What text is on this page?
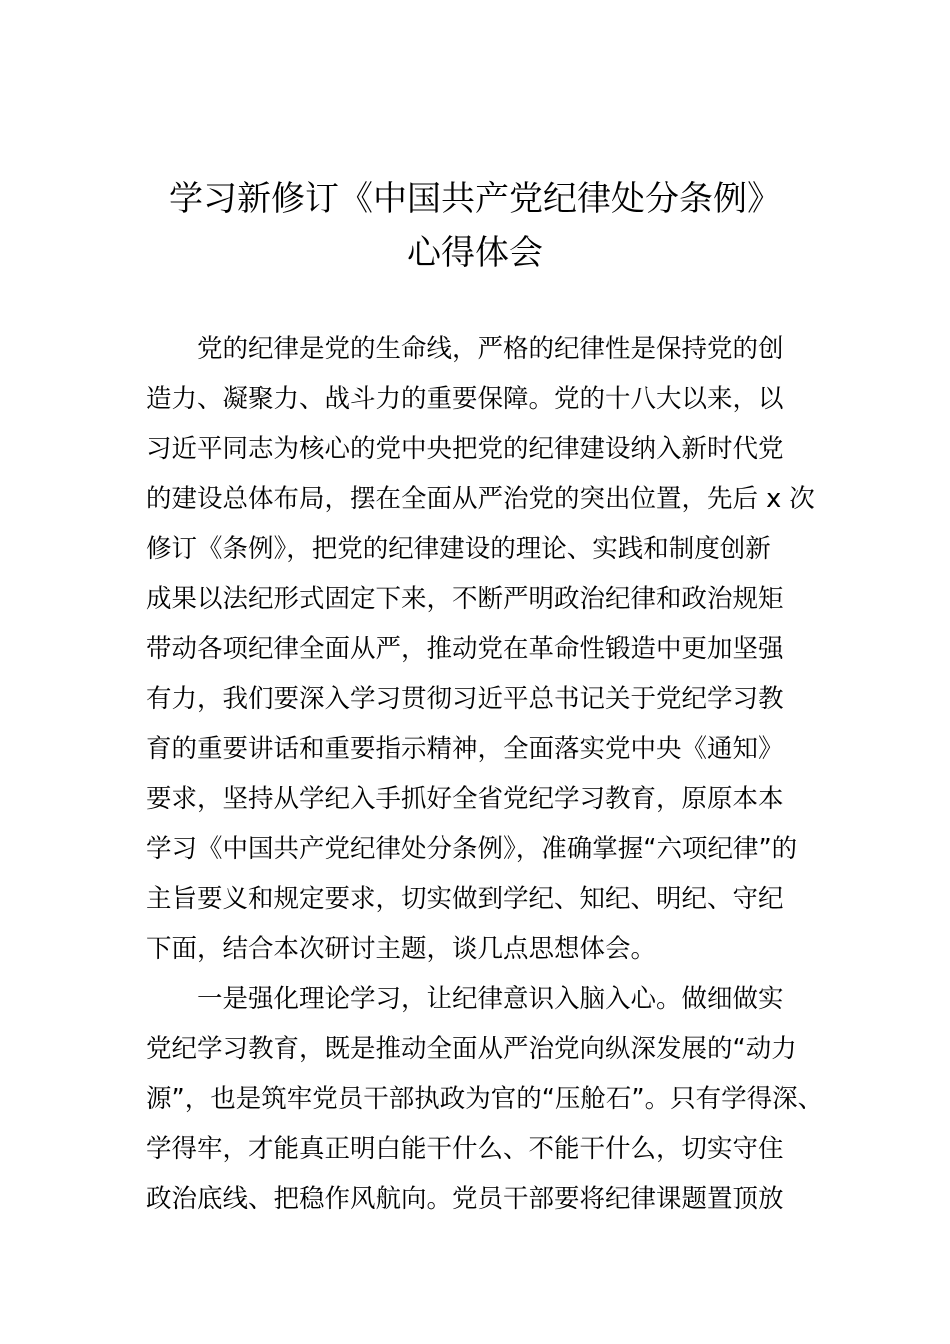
学习新修订《中国共产党纪律处分条例》
心得体会
党的纪律是党的生命线，严格的纪律性是保持党的创
造力、凝聚力、战斗力的重要保障。党的十八大以来，以
习近平同志为核心的党中央把党的纪律建设纳入新时代党
的建设总体布局，摆在全面从严治党的突出位置，先后 x 次
修订《条例》，把党的纪律建设的理论、实践和制度创新
成果以法纪形式固定下来，不断严明政治纪律和政治规矩
带动各项纪律全面从严，推动党在革命性锻造中更加坚强
有力，我们要深入学习贯彻习近平总书记关于党纪学习教
育的重要讲话和重要指示精神，全面落实党中央《通知》
要求，坚持从学纪入手抓好全省党纪学习教育，原原本本
学习《中国共产党纪律处分条例》，准确掌握“六项纪律”的
主旨要义和规定要求，切实做到学纪、知纪、明纪、守纪
下面，结合本次研讨主题，谈几点思想体会。
一是强化理论学习，让纪律意识入脑入心。做细做实
党纪学习教育，既是推动全面从严治党向纵深发展的“动力
源”，也是筑牢党员干部执政为官的“压舱石”。只有学得深、
学得牢，才能真正明白能干什么、不能干什么，切实守住
政治底线、把稳作风航向。党员干部要将纪律课题置顶放
